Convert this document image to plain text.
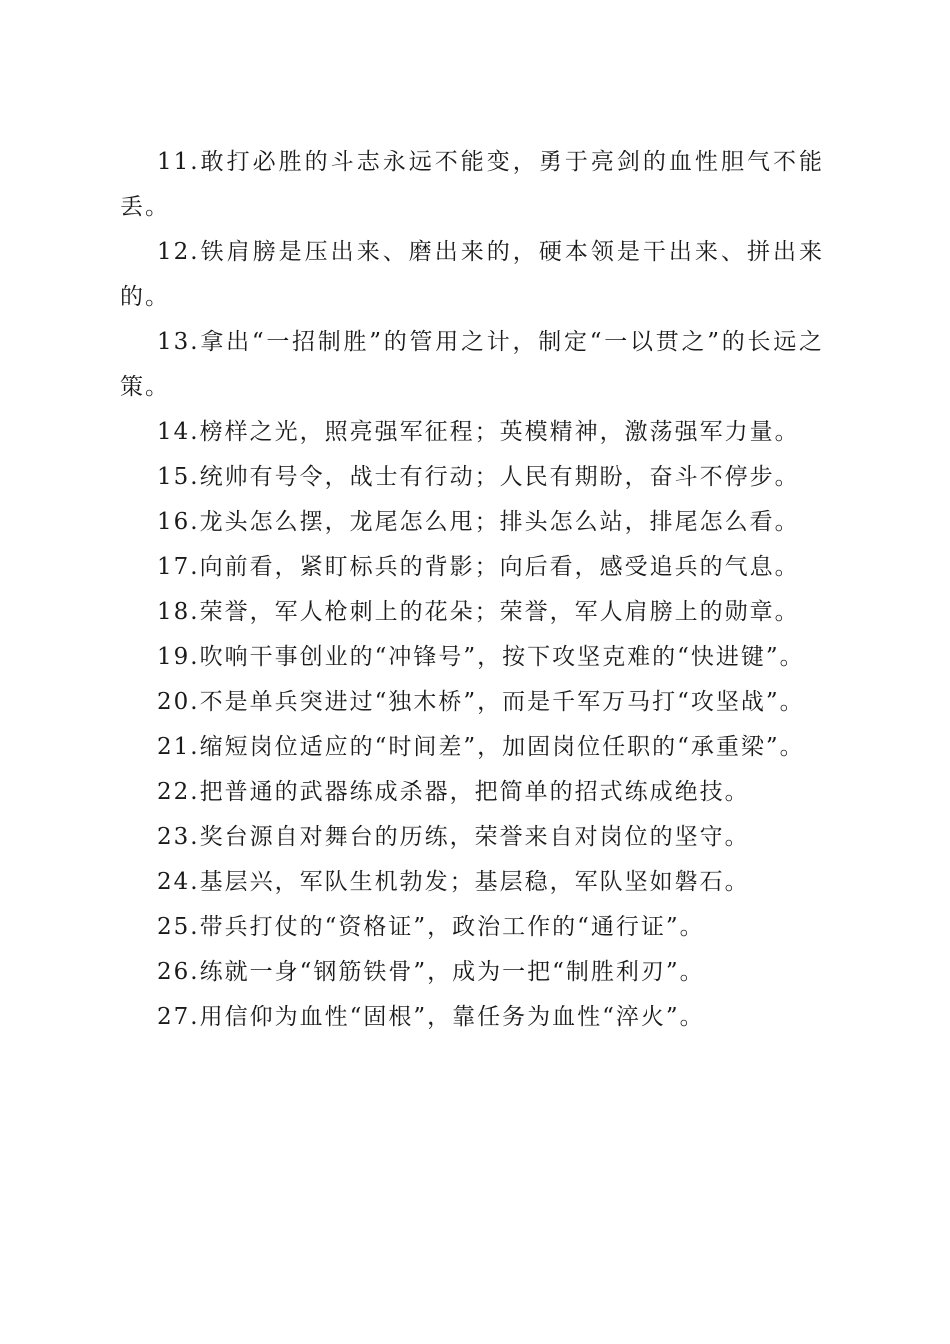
11.敢打必胜的斗志永远不能变，勇于亮剑的血性胆气不能丢。

12.铁肩膀是压出来、磨出来的，硬本领是干出来、拼出来的。

13.拿出“一招制胜”的管用之计，制定“一以贯之”的长远之策。

14.榜样之光，照亮强军征程；英模精神，激荡强军力量。

15.统帅有号令，战士有行动；人民有期盼，奋斗不停步。

16.龙头怎么摆，龙尾怎么甩；排头怎么站，排尾怎么看。

17.向前看，紧盯标兵的背影；向后看，感受追兵的气息。

18.荣誉，军人枪刺上的花朵；荣誉，军人肩膀上的勋章。

19.吹响干事创业的“冲锋号”，按下攻坚克难的“快进键”。

20.不是单兵突进过“独木桥”，而是千军万马打“攻坚战”。

21.缩短岗位适应的“时间差”，加固岗位任职的“承重梁”。

22.把普通的武器练成杀器，把简单的招式练成绝技。

23.奖台源自对舞台的历练，荣誉来自对岗位的坚守。

24.基层兴，军队生机勃发；基层稳，军队坚如磐石。

25.带兵打仗的“资格证”，政治工作的“通行证”。

26.练就一身“钢筋铁骨”，成为一把“制胜利刃”。

27.用信仰为血性“固根”，靠任务为血性“淬火”。
